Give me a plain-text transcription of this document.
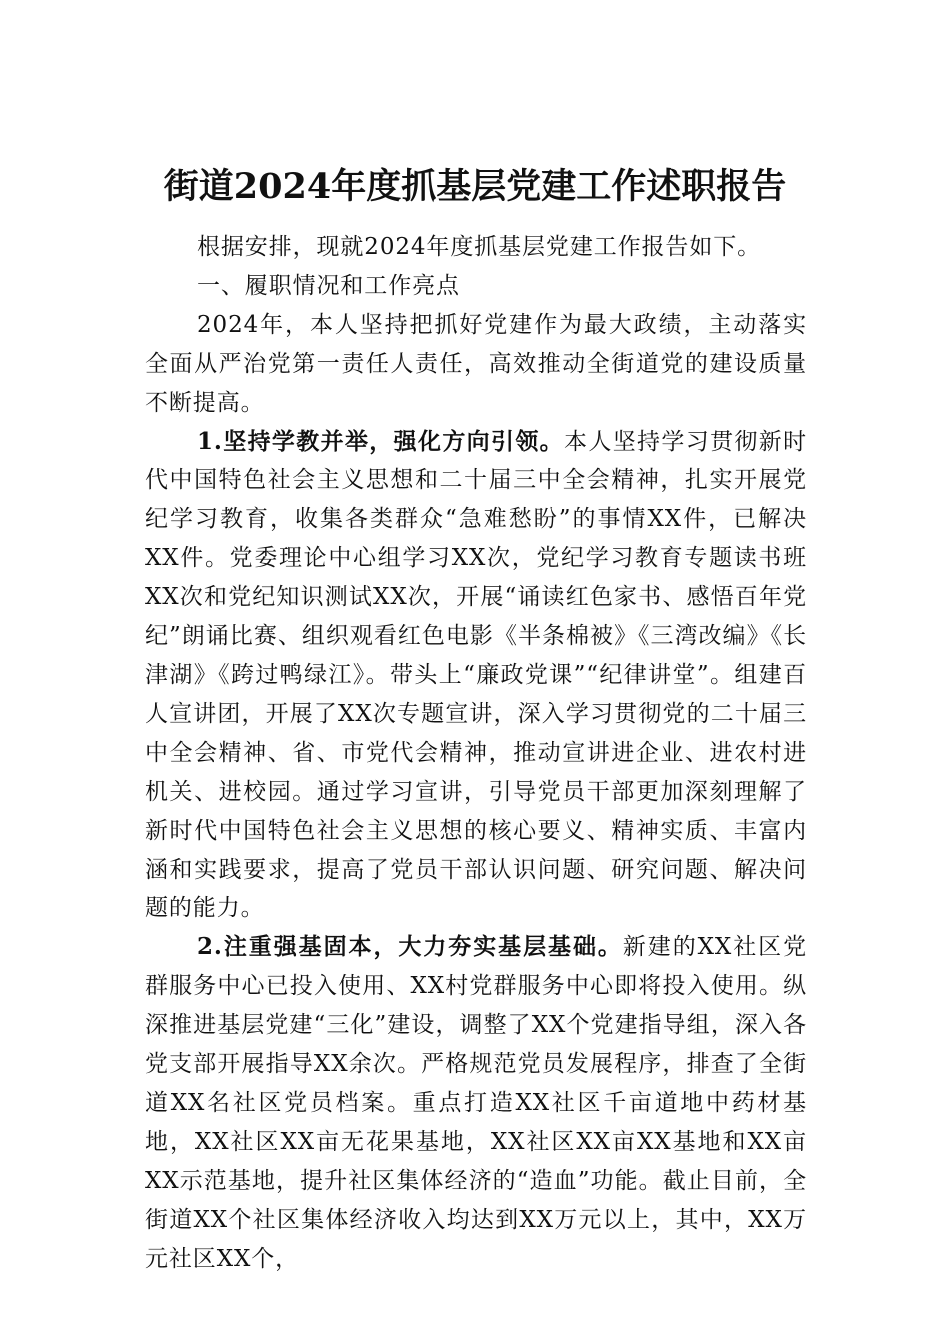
街道2024年度抓基层党建工作述职报告

根据安排，现就2024年度抓基层党建工作报告如下。

一、履职情况和工作亮点

2024年，本人坚持把抓好党建作为最大政绩，主动落实全面从严治党第一责任人责任，高效推动全街道党的建设质量不断提高。

1.坚持学教并举，强化方向引领。本人坚持学习贯彻新时代中国特色社会主义思想和二十届三中全会精神，扎实开展党纪学习教育，收集各类群众“急难愁盼”的事情XX件，已解决XX件。党委理论中心组学习XX次，党纪学习教育专题读书班XX次和党纪知识测试XX次，开展“诵读红色家书、感悟百年党纪”朗诵比赛、组织观看红色电影《半条棉被》《三湾改编》《长津湖》《跨过鸭绿江》。带头上“廉政党课”“纪律讲堂”。组建百人宣讲团，开展了XX次专题宣讲，深入学习贯彻党的二十届三中全会精神、省、市党代会精神，推动宣讲进企业、进农村进机关、进校园。通过学习宣讲，引导党员干部更加深刻理解了新时代中国特色社会主义思想的核心要义、精神实质、丰富内涵和实践要求，提高了党员干部认识问题、研究问题、解决问题的能力。

2.注重强基固本，大力夯实基层基础。新建的XX社区党群服务中心已投入使用、XX村党群服务中心即将投入使用。纵深推进基层党建“三化”建设，调整了XX个党建指导组，深入各党支部开展指导XX余次。严格规范党员发展程序，排查了全街道XX名社区党员档案。重点打造XX社区千亩道地中药材基地，XX社区XX亩无花果基地，XX社区XX亩XX基地和XX亩XX示范基地，提升社区集体经济的“造血”功能。截止目前，全街道XX个社区集体经济收入均达到XX万元以上，其中，XX万元社区XX个，
